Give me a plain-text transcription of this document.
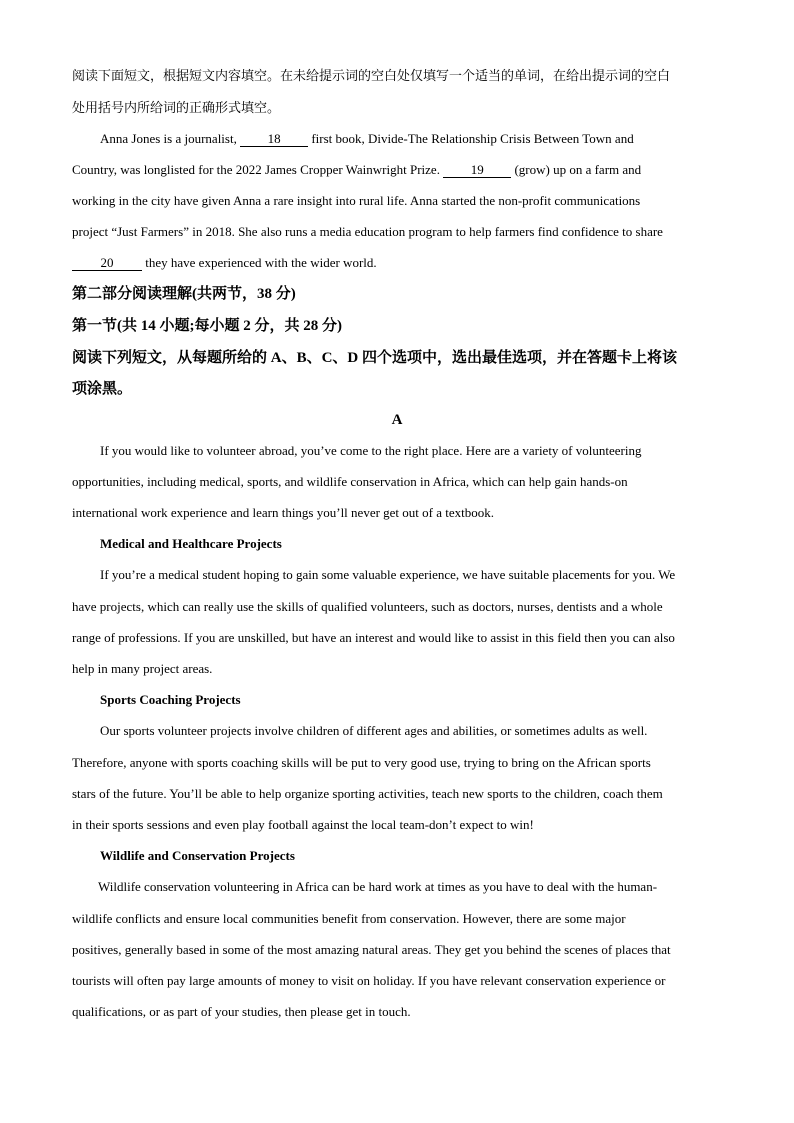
阅读下面短文，根据短文内容填空。在未给提示词的空白处仅填写一个适当的单词，在给出提示词的空白
处用括号内所给词的正确形式填空。
Anna Jones is a journalist, 18 first book, Divide-The Relationship Crisis Between Town and
Country, was longlisted for the 2022 James Cropper Wainwright Prize. 19 (grow) up on a farm and
working in the city have given Anna a rare insight into rural life. Anna started the non-profit communications
project “Just Farmers” in 2018. She also runs a media education program to help farmers find confidence to share
20 they have experienced with the wider world.
第二部分阅读理解(共两节，38 分)
第一节(共 14 小题;每小题 2 分，共 28 分)
阅读下列短文，从每题所给的 A、B、C、D 四个选项中，选出最佳选项，并在答题卡上将该
项涂黑。
A
If you would like to volunteer abroad, you’ve come to the right place. Here are a variety of volunteering
opportunities, including medical, sports, and wildlife conservation in Africa, which can help gain hands-on
international work experience and learn things you’ll never get out of a textbook.
Medical and Healthcare Projects
If you’re a medical student hoping to gain some valuable experience, we have suitable placements for you. We
have projects, which can really use the skills of qualified volunteers, such as doctors, nurses, dentists and a whole
range of professions. If you are unskilled, but have an interest and would like to assist in this field then you can also
help in many project areas.
Sports Coaching Projects
Our sports volunteer projects involve children of different ages and abilities, or sometimes adults as well.
Therefore, anyone with sports coaching skills will be put to very good use, trying to bring on the African sports
stars of the future. You’ll be able to help organize sporting activities, teach new sports to the children, coach them
in their sports sessions and even play football against the local team-don’t expect to win!
Wildlife and Conservation Projects
Wildlife conservation volunteering in Africa can be hard work at times as you have to deal with the human-
wildlife conflicts and ensure local communities benefit from conservation. However, there are some major
positives, generally based in some of the most amazing natural areas. They get you behind the scenes of places that
tourists will often pay large amounts of money to visit on holiday. If you have relevant conservation experience or
qualifications, or as part of your studies, then please get in touch.
